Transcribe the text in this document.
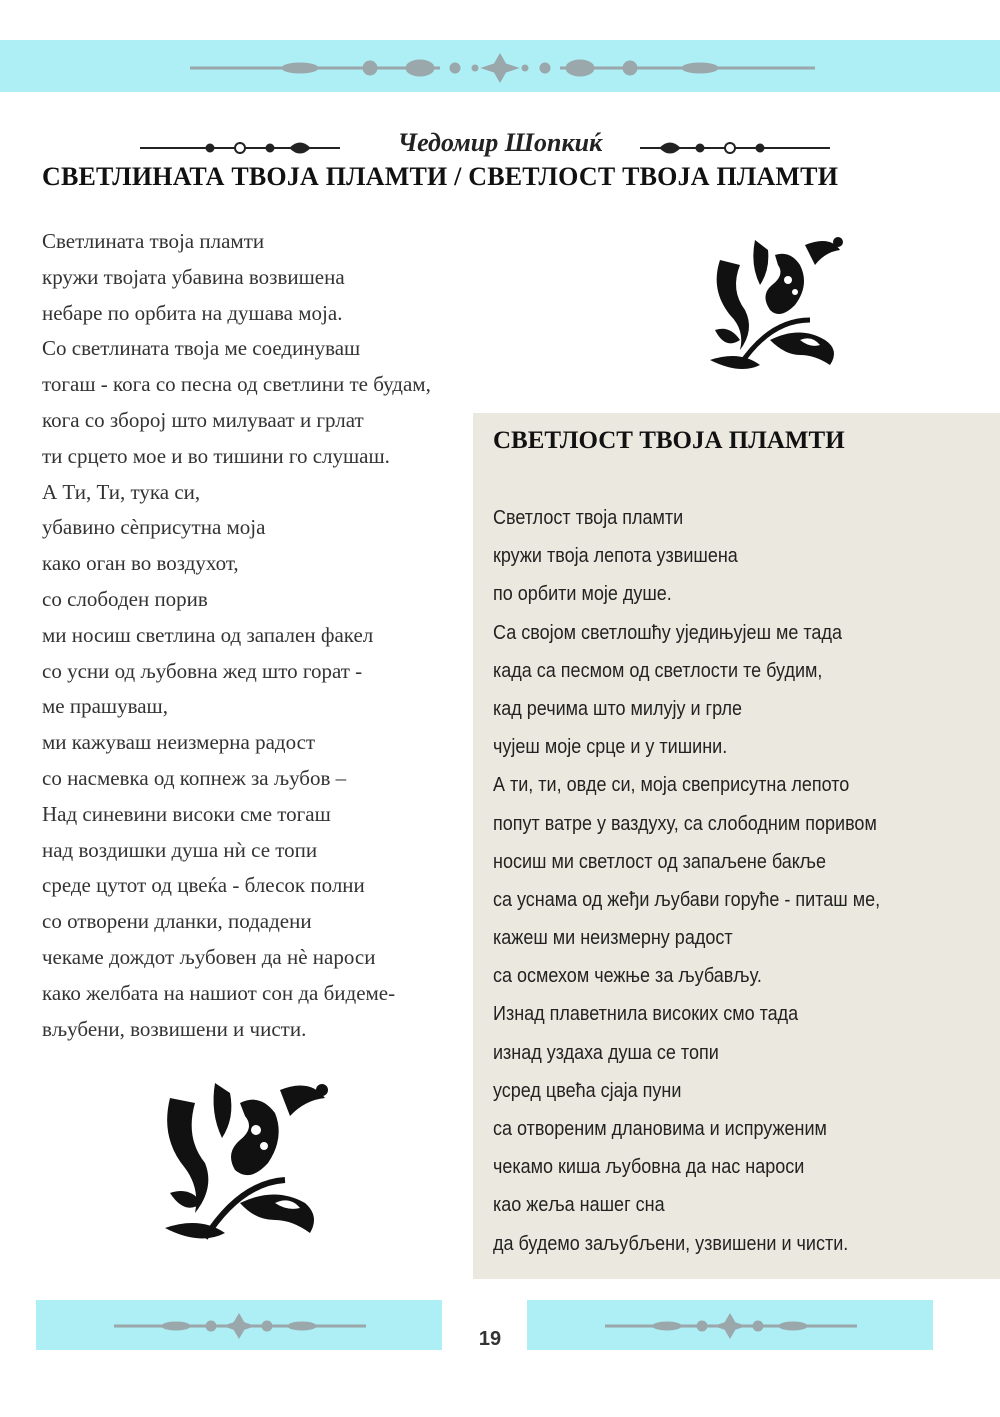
Чедомир Шопкиќ
СВЕТЛИНАТА ТВОЈА ПЛАМТИ / СВЕТЛОСТ ТВОЈА ПЛАМТИ
Светлината твоја пламти
кружи твојата убавина возвишена
небаре по орбита на душава моја.
Со светлината твоја ме соединуваш
тогаш - кога со песна од светлини те будам,
кога со зборој што милуваат и грлат
ти срцето мое и во тишини го слушаш.
А Ти, Ти, тука си,
убавино сѐприсутна моја
како оган во воздухот,
со слободен порив
ми носиш светлина од запален факел
со усни од љубовна жед што горат -
ме прашуваш,
ми кажуваш неизмерна радост
со насмевка од копнеж за љубов –
Над синевини високи сме тогаш
над воздишки душа нѝ се топи
среде цутот од цвеќа - блесок полни
со отворени дланки, подадени
чекаме дождот љубовен да нѐ нароси
како желбата на нашиот сон да бидеме-
вљубени, возвишени и чисти.
СВЕТЛОСТ ТВОЈА ПЛАМТИ
Светлост твоја пламти
кружи твоја лепота узвишена
по орбити моје душе.
Са својом светлошћу уједињујеш ме тада
када са песмом од светлости те будим,
кад речима што милују и грле
чујеш моје срце и у тишини.
А ти, ти, овде си, моја свеприсутна лепото
попут ватре у ваздуху, са слободним поривом
носиш ми светлост од запаљене бакље
са уснама од жеђи љубави горуће - питаш ме,
кажеш ми неизмерну радост
са осмехом чежње за љубављу.
Изнад плаветнила високих смо тада
изнад уздаха душа се топи
усред цвећа сјаја пуни
са отвореним длановима и испруженим
чекамо киша љубовна да нас нароси
као жеља нашег сна
да будемо заљубљени, узвишени и чисти.
19
